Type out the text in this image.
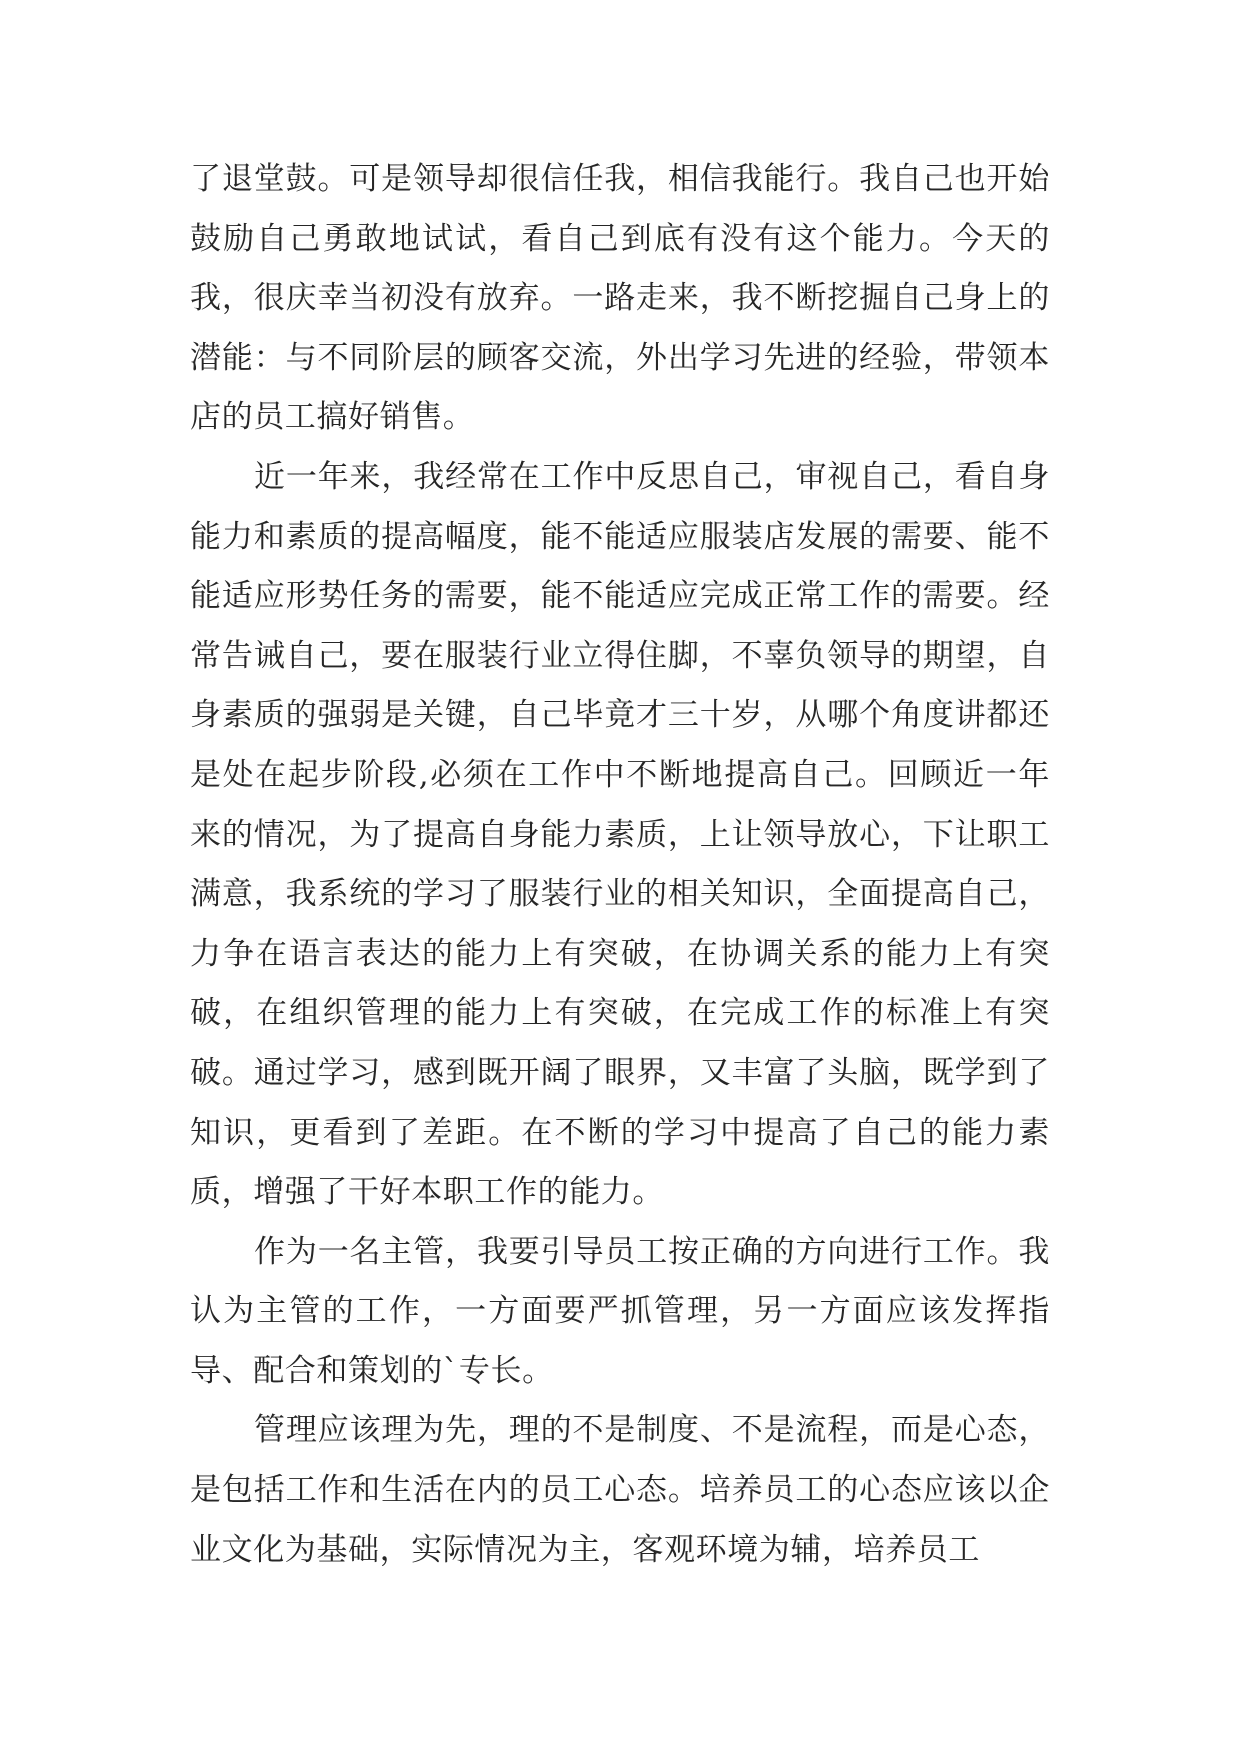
了退堂鼓。可是领导却很信任我，相信我能行。我自己也开始鼓励自己勇敢地试试，看自己到底有没有这个能力。今天的我，很庆幸当初没有放弃。一路走来，我不断挖掘自己身上的潜能：与不同阶层的顾客交流，外出学习先进的经验，带领本店的员工搞好销售。

近一年来，我经常在工作中反思自己，审视自己，看自身能力和素质的提高幅度，能不能适应服装店发展的需要、能不能适应形势任务的需要，能不能适应完成正常工作的需要。经常告诫自己，要在服装行业立得住脚，不辜负领导的期望，自身素质的强弱是关键，自己毕竟才三十岁，从哪个角度讲都还是处在起步阶段,必须在工作中不断地提高自己。回顾近一年来的情况，为了提高自身能力素质，上让领导放心，下让职工满意，我系统的学习了服装行业的相关知识，全面提高自己，力争在语言表达的能力上有突破，在协调关系的能力上有突破，在组织管理的能力上有突破，在完成工作的标准上有突破。通过学习，感到既开阔了眼界，又丰富了头脑，既学到了知识，更看到了差距。在不断的学习中提高了自己的能力素质，增强了干好本职工作的能力。

作为一名主管，我要引导员工按正确的方向进行工作。我认为主管的工作，一方面要严抓管理，另一方面应该发挥指导、配合和策划的`专长。

管理应该理为先，理的不是制度、不是流程，而是心态，是包括工作和生活在内的员工心态。培养员工的心态应该以企业文化为基础，实际情况为主，客观环境为辅，培养员工
